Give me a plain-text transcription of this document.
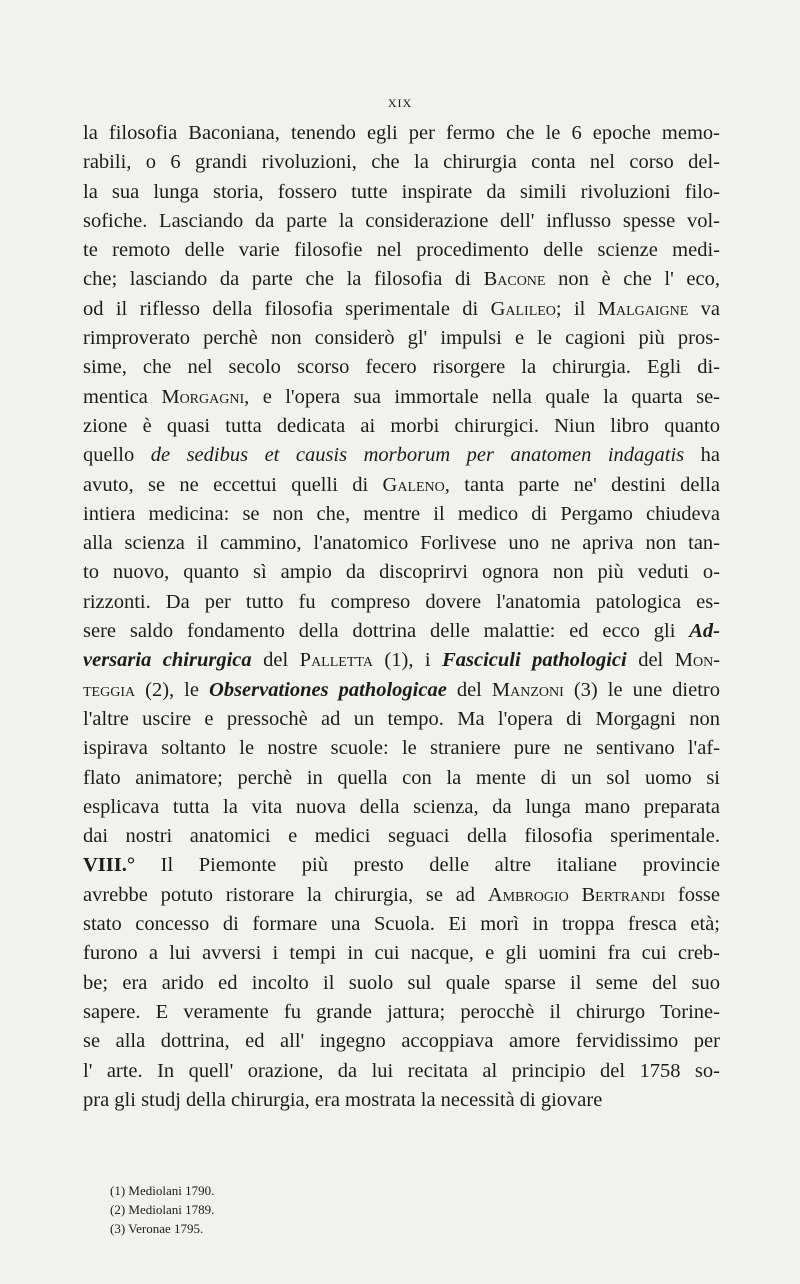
XIX
la filosofia Baconiana, tenendo egli per fermo che le 6 epoche memo-
rabili, o 6 grandi rivoluzioni, che la chirurgia conta nel corso del-
la sua lunga storia, fossero tutte inspirate da simili rivoluzioni filo-
sofiche. Lasciando da parte la considerazione dell' influsso spesse vol-
te remoto delle varie filosofie nel procedimento delle scienze medi-
che; lasciando da parte che la filosofia di Bacone non è che l' eco,
od il riflesso della filosofia sperimentale di Galileo; il Malgaigne va
rimproverato perchè non considerò gl' impulsi e le cagioni più pros-
sime, che nel secolo scorso fecero risorgere la chirurgia. Egli di-
mentica Morgagni, e l'opera sua immortale nella quale la quarta se-
zione è quasi tutta dedicata ai morbi chirurgici. Niun libro quanto
quello de sedibus et causis morborum per anatomen indagatis ha
avuto, se ne eccettui quelli di Galeno, tanta parte ne' destini della
intiera medicina: se non che, mentre il medico di Pergamo chiudeva
alla scienza il cammino, l'anatomico Forlivese uno ne apriva non tan-
to nuovo, quanto sì ampio da discoprirvi ognora non più veduti o-
rizzonti. Da per tutto fu compreso dovere l'anatomia patologica es-
sere saldo fondamento della dottrina delle malattie: ed ecco gli Ad-
versaria chirurgica del Palletta (1), i Fasciculi pathologici del Mon-
teggia (2), le Observationes pathologicae del Manzoni (3) le une dietro
l'altre uscire e pressochè ad un tempo. Ma l'opera di Morgagni non
ispirava soltanto le nostre scuole: le straniere pure ne sentivano l'af-
flato animatore; perchè in quella con la mente di un sol uomo si
esplicava tutta la vita nuova della scienza, da lunga mano preparata
dai nostri anatomici e medici seguaci della filosofia sperimentale.
VIII.° Il Piemonte più presto delle altre italiane provincie
avrebbe potuto ristorare la chirurgia, se ad Ambrogio Bertrandi fosse
stato concesso di formare una Scuola. Ei morì in troppa fresca età;
furono a lui avversi i tempi in cui nacque, e gli uomini fra cui creb-
be; era arido ed incolto il suolo sul quale sparse il seme del suo
sapere. E veramente fu grande jattura; perocchè il chirurgo Torine-
se alla dottrina, ed all' ingegno accoppiava amore fervidissimo per
l' arte. In quell' orazione, da lui recitata al principio del 1758 so-
pra gli studj della chirurgia, era mostrata la necessità di giovare
(1) Mediolani 1790.
(2) Mediolani 1789.
(3) Veronae 1795.
